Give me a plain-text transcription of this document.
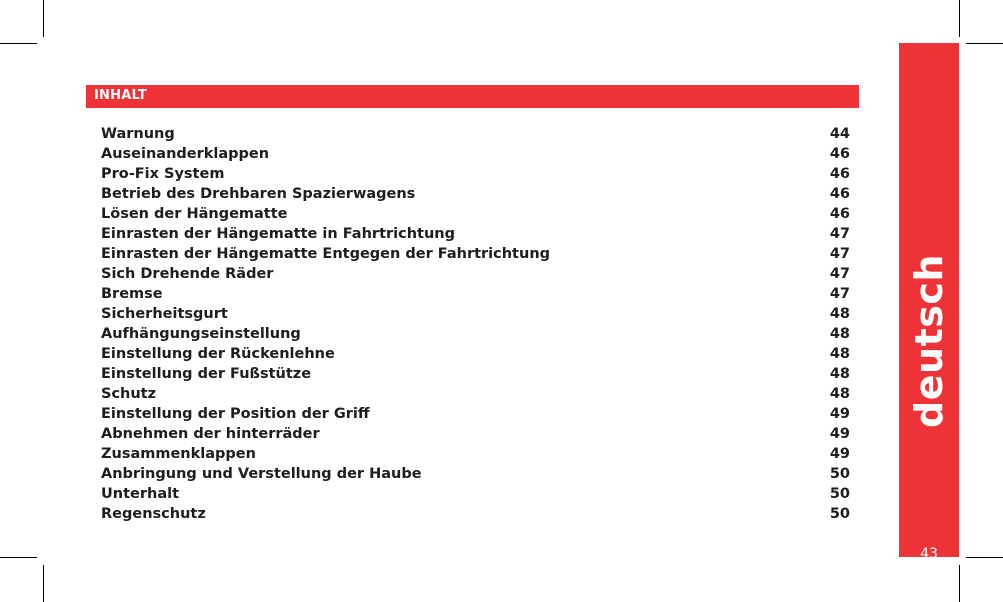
INHALT
Warnung	44
Auseinanderklappen	46
Pro-Fix System	46
Betrieb des Drehbaren Spazierwagens	46
Lösen der Hängematte	46
Einrasten der Hängematte in Fahrtrichtung	47
Einrasten der Hängematte Entgegen der Fahrtrichtung	47
Sich Drehende Räder	47
Bremse	47
Sicherheitsgurt	48
Aufhängungseinstellung	48
Einstellung der Rückenlehne	48
Einstellung der Fußstütze	48
Schutz	48
Einstellung der Position der Griff	49
Abnehmen der hinterräder	49
Zusammenklappen	49
Anbringung und Verstellung der Haube	50
Unterhalt	50
Regenschutz	50
deutsch
43
